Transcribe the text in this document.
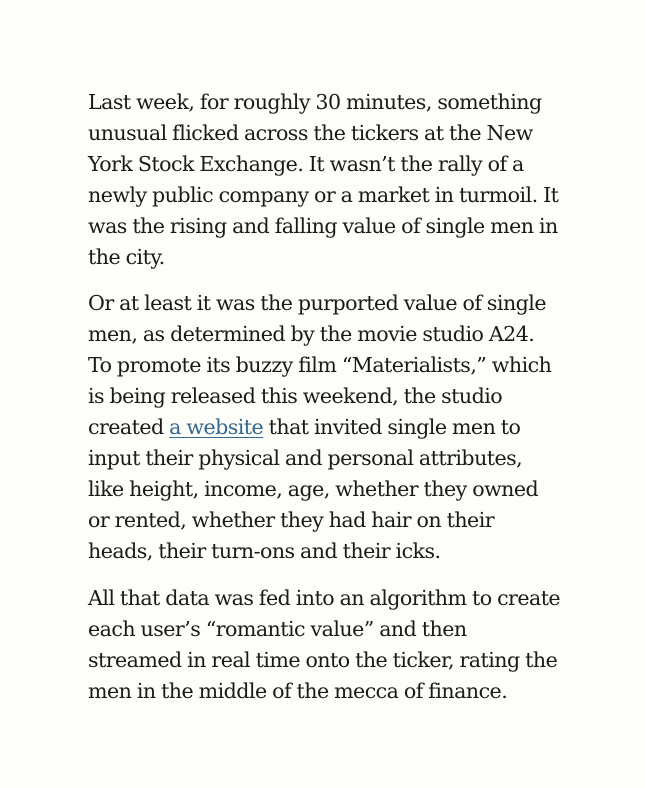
Last week, for roughly 30 minutes, something unusual flicked across the tickers at the New York Stock Exchange. It wasn’t the rally of a newly public company or a market in turmoil. It was the rising and falling value of single men in the city.

Or at least it was the purported value of single men, as determined by the movie studio A24. To promote its buzzy film “Materialists,” which is being released this weekend, the studio created a website that invited single men to input their physical and personal attributes, like height, income, age, whether they owned or rented, whether they had hair on their heads, their turn-ons and their icks.

All that data was fed into an algorithm to create each user’s “romantic value” and then streamed in real time onto the ticker, rating the men in the middle of the mecca of finance.
